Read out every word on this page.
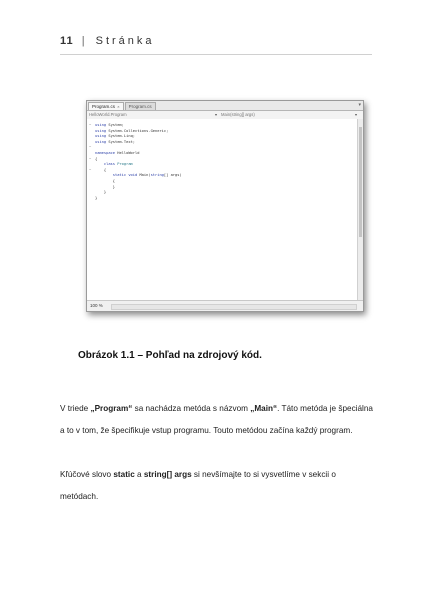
11 | Stránka
Program.cs ×	Program.cs	▾
HelloWorld.Program	▾ Main(string[] args)	▾
−

−

−

−
using System;
using System.Collections.Generic;
using System.Linq;
using System.Text;

namespace HelloWorld
{
class Program
{
static void Main(string[] args)
{
}
}
}
100 %
Obrázok 1.1 – Pohľad na zdrojový kód.
V triede „Program“ sa nachádza metóda s názvom „Main“. Táto metóda je špeciálna a to v tom, že špecifikuje vstup programu. Touto metódou začína každý program.
Kľúčové slovo static a string[] args si nevšímajte to si vysvetlíme v sekcii o metódach.
